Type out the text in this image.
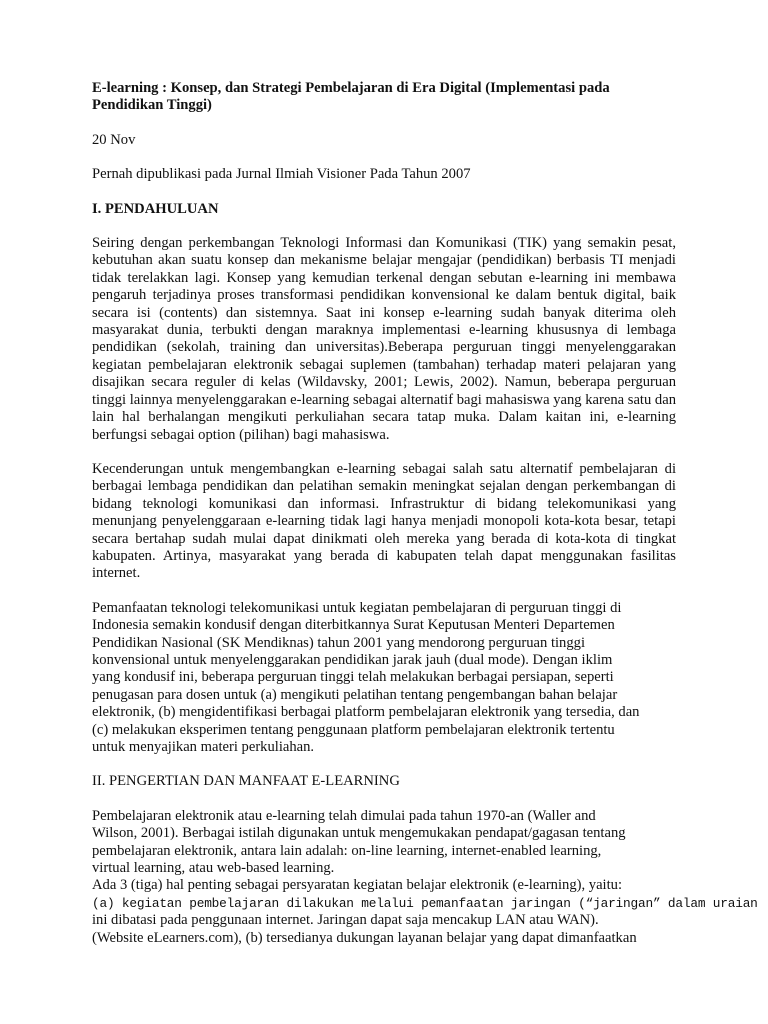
E-learning : Konsep, dan Strategi Pembelajaran di Era Digital (Implementasi pada Pendidikan Tinggi)

20 Nov

Pernah dipublikasi pada Jurnal Ilmiah Visioner Pada Tahun 2007

I. PENDAHULUAN

Seiring dengan perkembangan Teknologi Informasi dan Komunikasi (TIK) yang semakin pesat, kebutuhan akan suatu konsep dan mekanisme belajar mengajar (pendidikan) berbasis TI menjadi tidak terelakkan lagi. Konsep yang kemudian terkenal dengan sebutan e-learning ini membawa pengaruh terjadinya proses transformasi pendidikan konvensional ke dalam bentuk digital, baik secara isi (contents) dan sistemnya. Saat ini konsep e-learning sudah banyak diterima oleh masyarakat dunia, terbukti dengan maraknya implementasi e-learning khususnya di lembaga pendidikan (sekolah, training dan universitas).Beberapa perguruan tinggi menyelenggarakan kegiatan pembelajaran elektronik sebagai suplemen (tambahan) terhadap materi pelajaran yang disajikan secara reguler di kelas (Wildavsky, 2001; Lewis, 2002). Namun, beberapa perguruan tinggi lainnya menyelenggarakan e-learning sebagai alternatif bagi mahasiswa yang karena satu dan lain hal berhalangan mengikuti perkuliahan secara tatap muka. Dalam kaitan ini, e-learning berfungsi sebagai option (pilihan) bagi mahasiswa.

Kecenderungan untuk mengembangkan e-learning sebagai salah satu alternatif pembelajaran di berbagai lembaga pendidikan dan pelatihan semakin meningkat sejalan dengan perkembangan di bidang teknologi komunikasi dan informasi. Infrastruktur di bidang telekomunikasi yang menunjang penyelenggaraan e-learning tidak lagi hanya menjadi monopoli kota-kota besar, tetapi secara bertahap sudah mulai dapat dinikmati oleh mereka yang berada di kota-kota di tingkat kabupaten. Artinya, masyarakat yang berada di kabupaten telah dapat menggunakan fasilitas internet.

Pemanfaatan teknologi telekomunikasi untuk kegiatan pembelajaran di perguruan tinggi di
Indonesia semakin kondusif dengan diterbitkannya Surat Keputusan Menteri Departemen
Pendidikan Nasional (SK Mendiknas) tahun 2001 yang mendorong perguruan tinggi
konvensional untuk menyelenggarakan pendidikan jarak jauh (dual mode). Dengan iklim
yang kondusif ini, beberapa perguruan tinggi telah melakukan berbagai persiapan, seperti
penugasan para dosen untuk (a) mengikuti pelatihan tentang pengembangan bahan belajar
elektronik, (b) mengidentifikasi berbagai platform pembelajaran elektronik yang tersedia, dan
(c) melakukan eksperimen tentang penggunaan platform pembelajaran elektronik tertentu
untuk menyajikan materi perkuliahan.

II. PENGERTIAN DAN MANFAAT E-LEARNING

Pembelajaran elektronik atau e-learning telah dimulai pada tahun 1970-an (Waller and
Wilson, 2001). Berbagai istilah digunakan untuk mengemukakan pendapat/gagasan tentang
pembelajaran elektronik, antara lain adalah: on-line learning, internet-enabled learning,
virtual learning, atau web-based learning.
Ada 3 (tiga) hal penting sebagai persyaratan kegiatan belajar elektronik (e-learning), yaitu:
(a) kegiatan pembelajaran dilakukan melalui pemanfaatan jaringan (“jaringan” dalam uraian
ini dibatasi pada penggunaan internet. Jaringan dapat saja mencakup LAN atau WAN).
(Website eLearners.com), (b) tersedianya dukungan layanan belajar yang dapat dimanfaatkan
